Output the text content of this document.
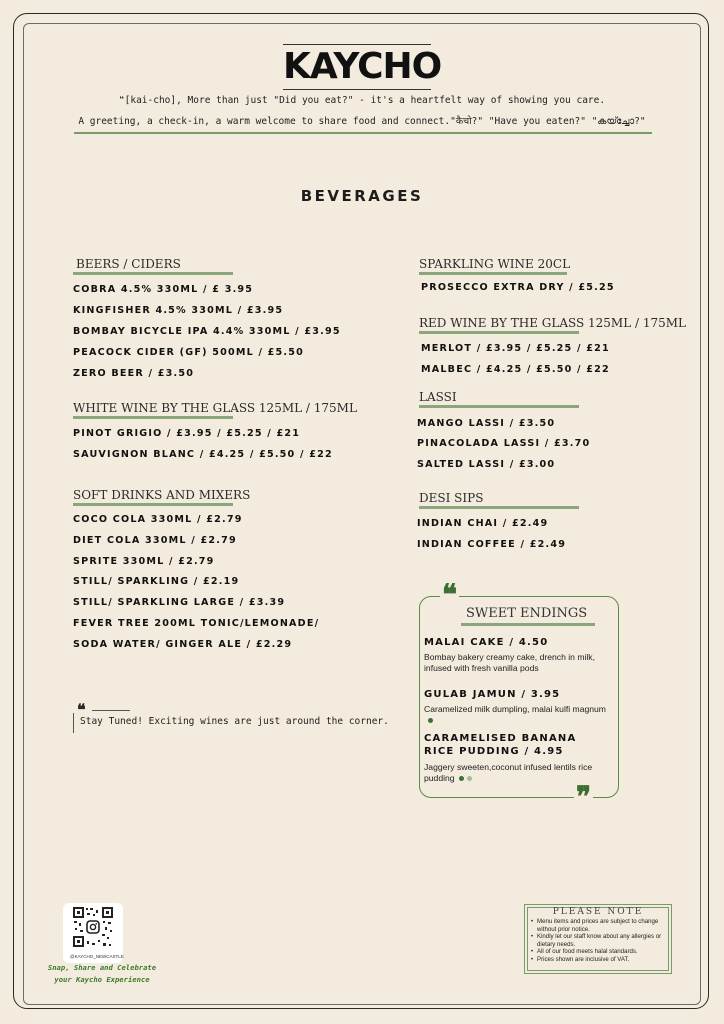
KAYCHO
❝[kai-cho], More than just "Did you eat?" - it's a heartfelt way of showing you care.
A greeting, a check-in, a warm welcome to share food and connect."कैचो?" "Have you eaten?" "കയ്ച്ചോ?"
BEVERAGES
BEERS / CIDERS
COBRA 4.5% 330ML / £ 3.95
KINGFISHER 4.5% 330ML / £3.95
BOMBAY BICYCLE IPA 4.4% 330ML / £3.95
PEACOCK CIDER (GF) 500ML / £5.50
ZERO BEER / £3.50
WHITE WINE BY THE GLASS 125ML / 175ML
PINOT GRIGIO / £3.95 / £5.25 / £21
SAUVIGNON BLANC / £4.25 / £5.50 / £22
SOFT DRINKS AND MIXERS
COCO COLA 330ML / £2.79
DIET COLA 330ML / £2.79
SPRITE 330ML / £2.79
STILL/ SPARKLING / £2.19
STILL/ SPARKLING LARGE / £3.39
FEVER TREE 200ML TONIC/LEMONADE/
SODA WATER/ GINGER ALE / £2.29
❝
Stay Tuned! Exciting wines are just around the corner.
SPARKLING WINE 20CL
PROSECCO EXTRA DRY / £5.25
RED WINE BY THE GLASS 125ML / 175ML
MERLOT / £3.95 / £5.25 / £21
MALBEC / £4.25 / £5.50 / £22
LASSI
MANGO LASSI / £3.50
PINACOLADA LASSI / £3.70
SALTED LASSI / £3.00
DESI SIPS
INDIAN CHAI / £2.49
INDIAN COFFEE / £2.49
❝
❞
SWEET ENDINGS
MALAI CAKE / 4.50
Bombay bakery creamy cake, drench in milk, infused with fresh vanilla pods
GULAB JAMUN / 3.95
Caramelized milk dumpling, malai kulfi magnum
CARAMELISED BANANA
RICE PUDDING / 4.95
Jaggery sweeten,coconut infused lentils rice pudding
@KAYCHO_NEWCASTLE
Snap, Share and Celebrate
your Kaycho Experience
PLEASE NOTE
• Menu items and prices are subject to change without prior notice.
• Kindly let our staff know about any allergies or dietary needs.
• All of our food meets halal standards.
• Prices shown are inclusive of VAT.
